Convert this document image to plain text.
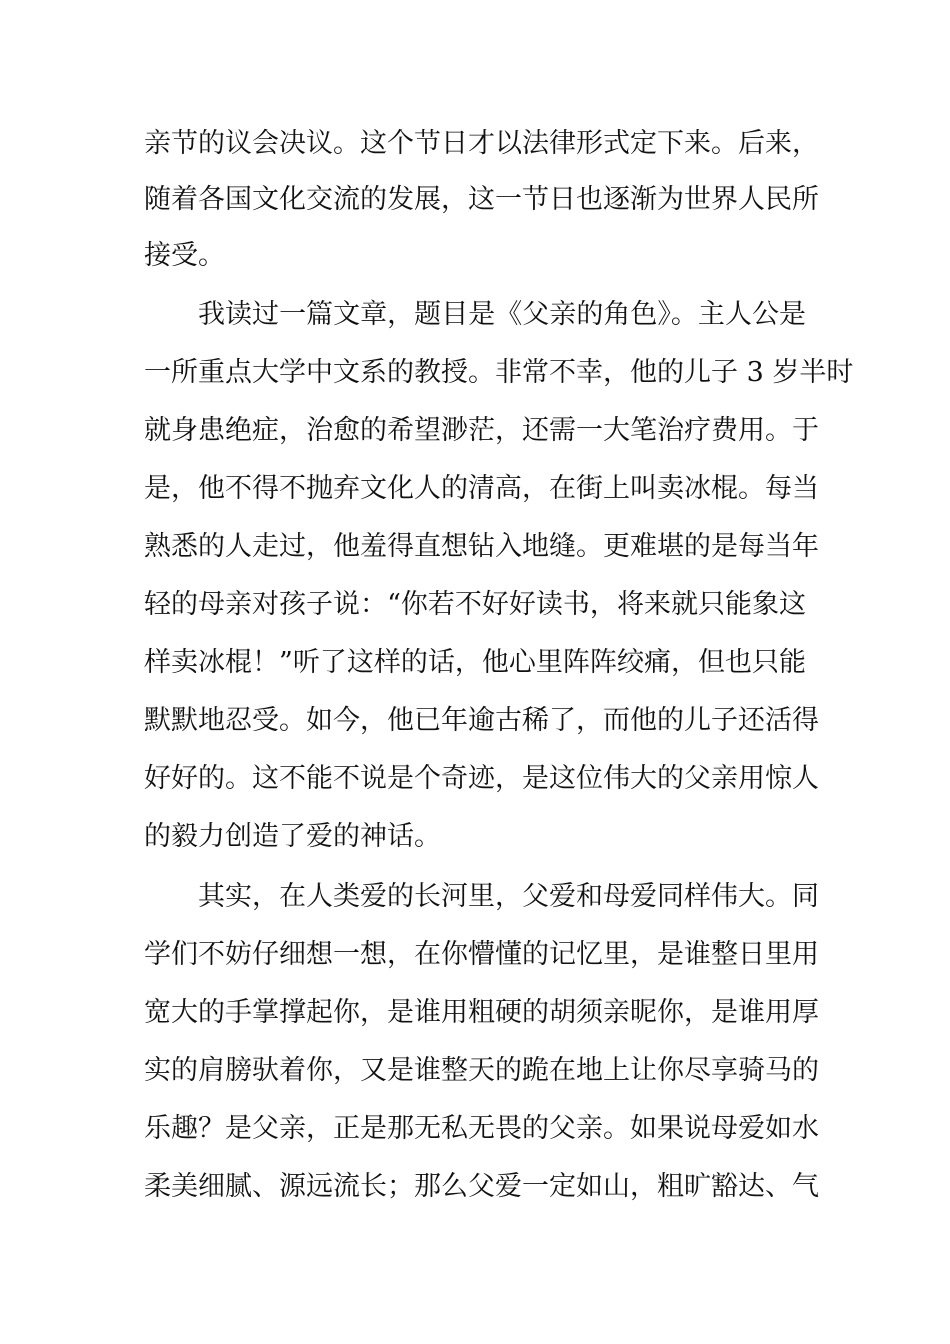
亲节的议会决议。这个节日才以法律形式定下来。后来，
随着各国文化交流的发展，这一节日也逐渐为世界人民所
接受。
我读过一篇文章，题目是《父亲的角色》。主人公是
一所重点大学中文系的教授。非常不幸，他的儿子 3 岁半时
就身患绝症，治愈的希望渺茫，还需一大笔治疗费用。于
是，他不得不抛弃文化人的清高，在街上叫卖冰棍。每当
熟悉的人走过，他羞得直想钻入地缝。更难堪的是每当年
轻的母亲对孩子说：“你若不好好读书，将来就只能象这
样卖冰棍！”听了这样的话，他心里阵阵绞痛，但也只能
默默地忍受。如今，他已年逾古稀了，而他的儿子还活得
好好的。这不能不说是个奇迹，是这位伟大的父亲用惊人
的毅力创造了爱的神话。
其实，在人类爱的长河里，父爱和母爱同样伟大。同
学们不妨仔细想一想，在你懵懂的记忆里，是谁整日里用
宽大的手掌撑起你，是谁用粗硬的胡须亲昵你，是谁用厚
实的肩膀驮着你，又是谁整天的跪在地上让你尽享骑马的
乐趣？是父亲，正是那无私无畏的父亲。如果说母爱如水
柔美细腻、源远流长；那么父爱一定如山，粗旷豁达、气
